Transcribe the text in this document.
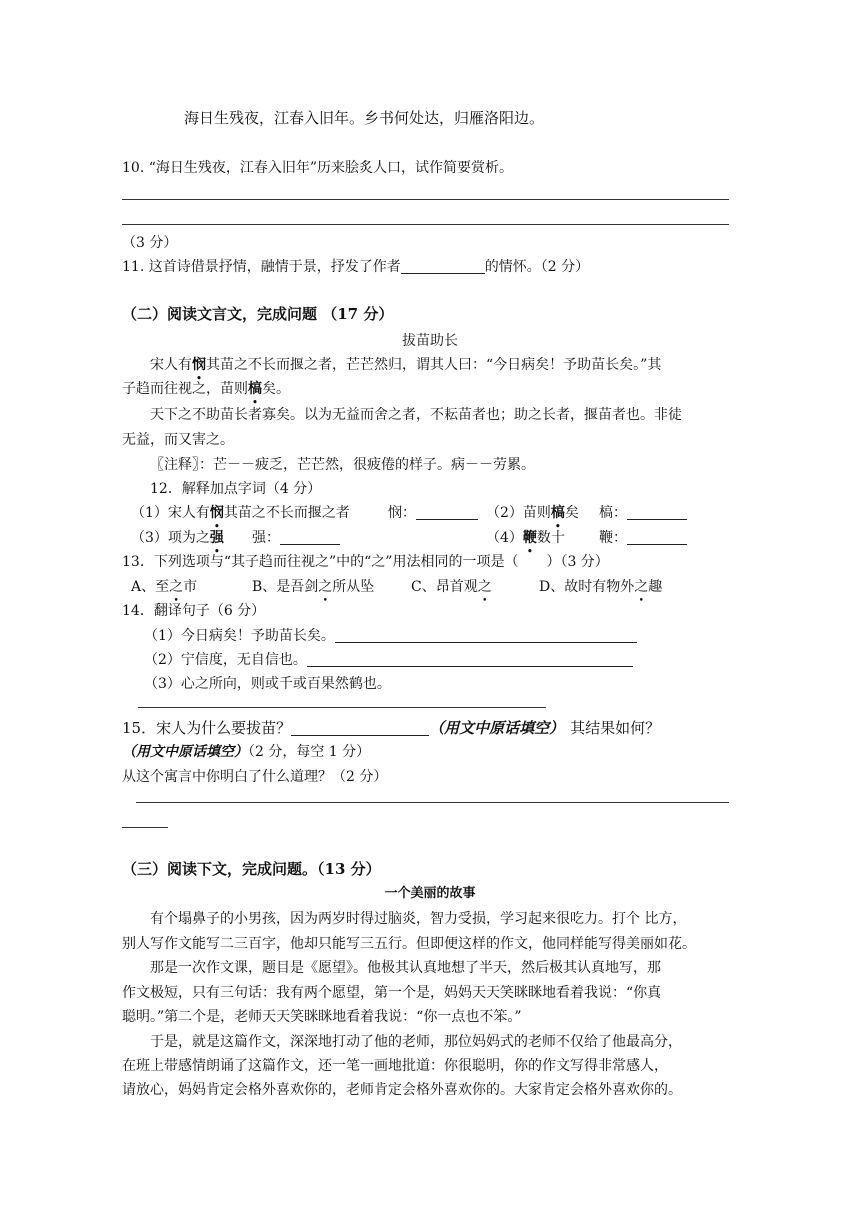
海日生残夜，江春入旧年。乡书何处达，归雁洛阳边。
10. “海日生残夜，江春入旧年”历来脍炙人口，试作简要赏析。
（3 分）
11. 这首诗借景抒情，融情于景，抒发了作者	的情怀。（2 分）
（二）阅读文言文，完成问题 （17 分）
拔苗助长
宋人有悯其苗之不长而揠之者，芒芒然归，谓其人曰：“今日病矣！予助苗长矣。”其
子趋而往视之，苗则槁矣。
天下之不助苗长者寡矣。以为无益而舍之者，不耘苗者也；助之长者，揠苗者也。非徒
无益，而又害之。
〖注释〗：芒－－疲乏，芒芒然，很疲倦的样子。病－－劳累。
12．解释加点字词（4 分）
（1）宋人有悯其苗之不长而揠之者	悯：	（2）苗则槁矣 槁：
（3）项为之强 强：	（4）鞭数十 鞭：
13．下列选项与“其子趋而往视之”中的“之”用法相同的一项是（　　）（3 分）
A、至之市	B、是吾剑之所从坠	C、昂首观之	D、故时有物外之趣
14．翻译句子（6 分）
（1）今日病矣！予助苗长矣。
（2）宁信度，无自信也。
（3）心之所向，则或千或百果然鹤也。
15．宋人为什么要拔苗？	（用文中原话填空） 其结果如何？
（用文中原话填空）（2 分，每空 1 分）
从这个寓言中你明白了什么道理？（2 分）
（三）阅读下文，完成问题。（13 分）
一个美丽的故事
有个塌鼻子的小男孩，因为两岁时得过脑炎，智力受损，学习起来很吃力。打个 比方，
别人写作文能写二三百字，他却只能写三五行。但即便这样的作文，他同样能写得美丽如花。
那是一次作文课，题目是《愿望》。他极其认真地想了半天，然后极其认真地写，那
作文极短，只有三句话：我有两个愿望，第一个是，妈妈天天笑眯眯地看着我说：“你真
聪明。”第二个是，老师天天笑眯眯地看着我说：“你一点也不笨。”
于是，就是这篇作文，深深地打动了他的老师，那位妈妈式的老师不仅给了他最高分，
在班上带感情朗诵了这篇作文，还一笔一画地批道：你很聪明，你的作文写得非常感人，
请放心，妈妈肯定会格外喜欢你的，老师肯定会格外喜欢你的。大家肯定会格外喜欢你的。
